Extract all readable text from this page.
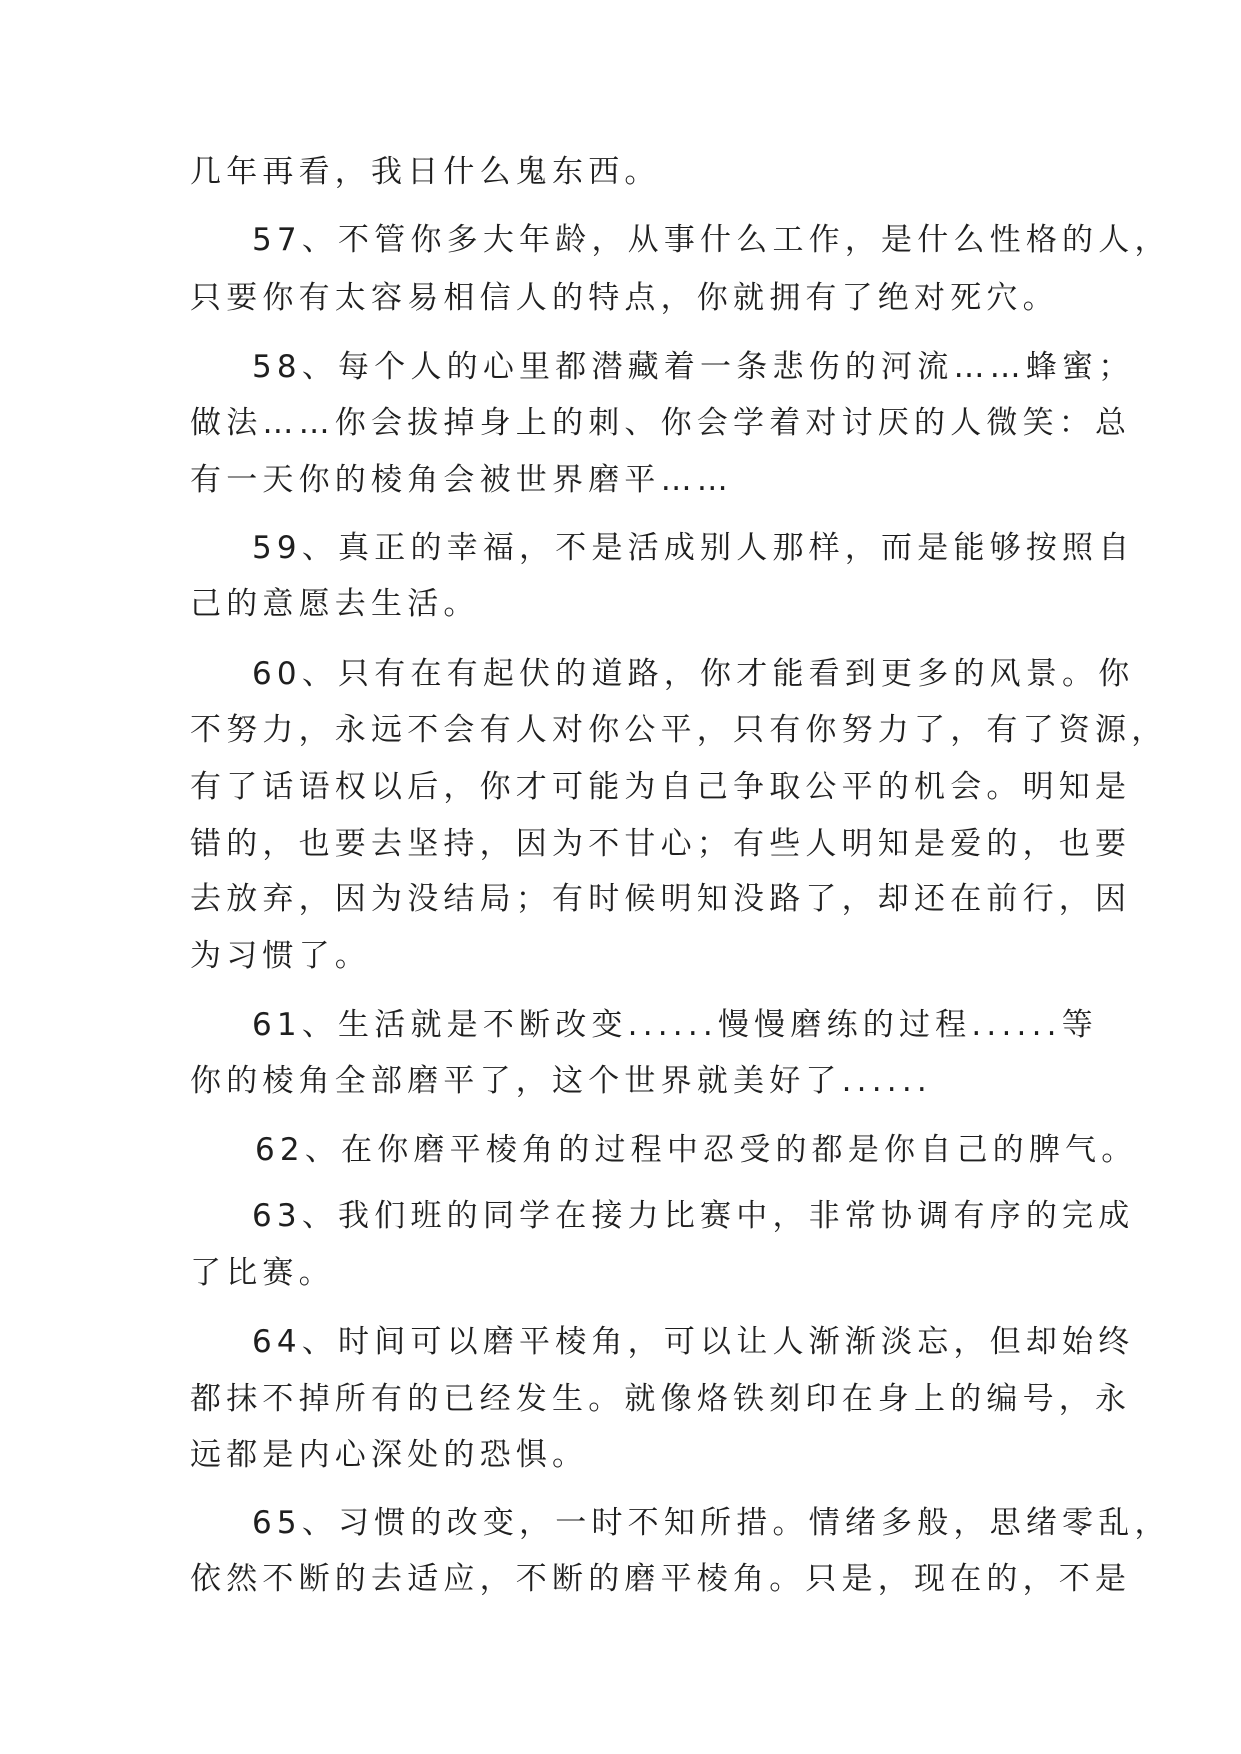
几年再看，我日什么鬼东西。
57、不管你多大年龄，从事什么工作，是什么性格的人，
只要你有太容易相信人的特点，你就拥有了绝对死穴。
58、每个人的心里都潜藏着一条悲伤的河流……蜂蜜；
做法……你会拔掉身上的刺、你会学着对讨厌的人微笑：总
有一天你的棱角会被世界磨平……
59、真正的幸福，不是活成别人那样，而是能够按照自
己的意愿去生活。
60、只有在有起伏的道路，你才能看到更多的风景。你
不努力，永远不会有人对你公平，只有你努力了，有了资源，
有了话语权以后，你才可能为自己争取公平的机会。明知是
错的，也要去坚持，因为不甘心；有些人明知是爱的，也要
去放弃，因为没结局；有时候明知没路了，却还在前行，因
为习惯了。
61、生活就是不断改变......慢慢磨练的过程......等
你的棱角全部磨平了，这个世界就美好了......
62、在你磨平棱角的过程中忍受的都是你自己的脾气。
63、我们班的同学在接力比赛中，非常协调有序的完成
了比赛。
64、时间可以磨平棱角，可以让人渐渐淡忘，但却始终
都抹不掉所有的已经发生。就像烙铁刻印在身上的编号，永
远都是内心深处的恐惧。
65、习惯的改变，一时不知所措。情绪多般，思绪零乱，
依然不断的去适应，不断的磨平棱角。只是，现在的，不是
